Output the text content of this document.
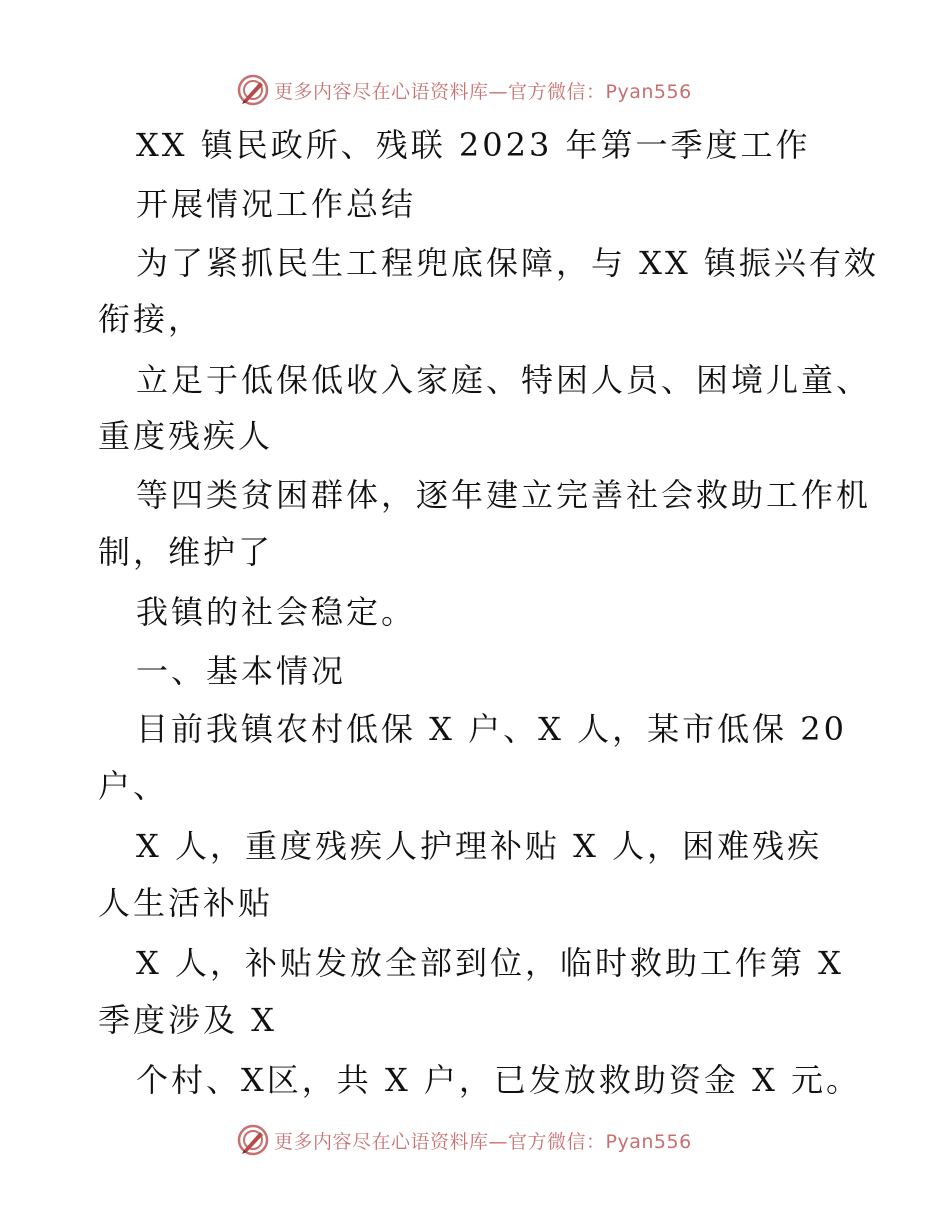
更多内容尽在心语资料库—官方微信：Pyan556
XX 镇民政所、残联 2023 年第一季度工作
开展情况工作总结
为了紧抓民生工程兜底保障，与 XX 镇振兴有效
衔接，
立足于低保低收入家庭、特困人员、困境儿童、
重度残疾人
等四类贫困群体，逐年建立完善社会救助工作机
制，维护了
我镇的社会稳定。
一、基本情况
目前我镇农村低保 X 户、X 人，某市低保 20
户、
X 人，重度残疾人护理补贴 X 人，困难残疾
人生活补贴
X 人，补贴发放全部到位，临时救助工作第 X
季度涉及 X
个村、X区，共 X 户，已发放救助资金 X 元。
更多内容尽在心语资料库—官方微信：Pyan556
